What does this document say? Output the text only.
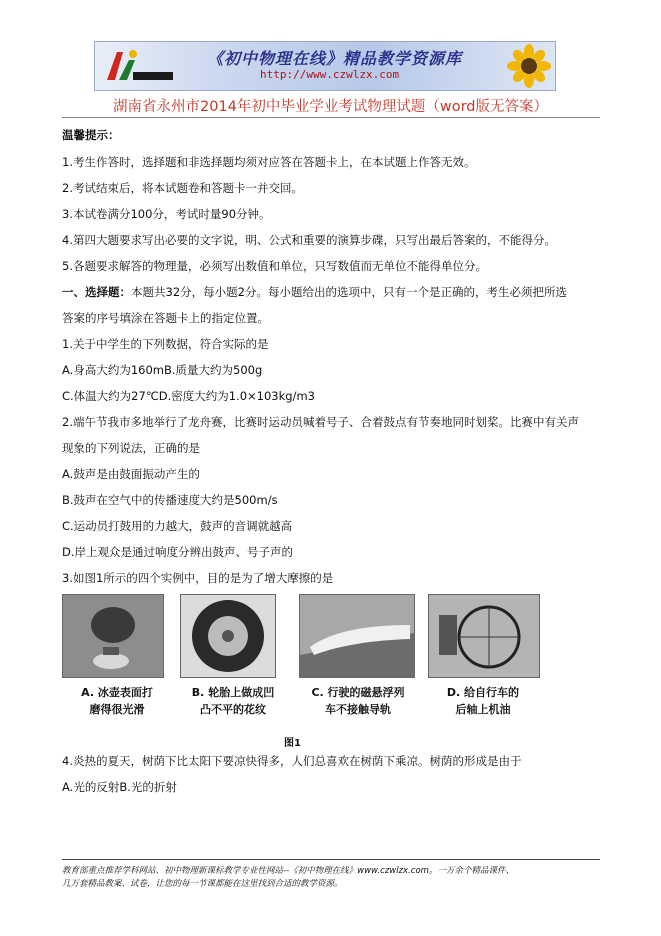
《初中物理在线》精品教学资源库
http://www.czwlzx.com
湖南省永州市2014年初中毕业学业考试物理试题（word版无答案）
温馨提示：
1.考生作答时，选择题和非选择题均须对应答在答题卡上，在本试题上作答无效。
2.考试结束后，将本试题卷和答题卡一并交回。
3.本试卷满分100分，考试时量90分钟。
4.第四大题要求写出必要的文字说，明、公式和重要的演算步碟，只写出最后答案的，不能得分。
5.各题要求解答的物理量，必须写出数值和单位，只写数值而无单位不能得单位分。
一、选择题：本题共32分，每小题2分。每小题给出的选项中，只有一个是正确的，考生必须把所选
答案的序号填涂在答题卡上的指定位置。
1.关于中学生的下列数据，符合实际的是
A.身高大约为160mB.质量大约为500g
C.体温大约为27℃D.密度大约为1.0×103kg/m3
2.端午节我市多地举行了龙舟赛，比赛时运动员喊着号子、合着鼓点有节奏地同时划桨。比赛中有关声
现象的下列说法，正确的是
A.鼓声是由鼓面振动产生的
B.鼓声在空气中的传播速度大约是500m/s
C.运动员打鼓用的力越大，鼓声的音调就越高
D.岸上观众是通过响度分辨出鼓声、号子声的
3.如图1所示的四个实例中，目的是为了增大摩擦的是
A. 冰壶表面打
磨得很光滑
B. 轮胎上做成凹
凸不平的花纹
C. 行驶的磁悬浮列
车不接触导轨
D. 给自行车的
后轴上机油
图1
4.炎热的夏天，树荫下比太阳下要凉快得多，人们总喜欢在树荫下乘凉。树荫的形成是由于
A.光的反射B.光的折射
教育部重点推荐学科网站、初中物理新课标教学专业性网站--《初中物理在线》www.czwlzx.com。一万余个精品课件、
几万套精品教案、试卷，让您的每一节课都能在这里找到合适的教学资源。
